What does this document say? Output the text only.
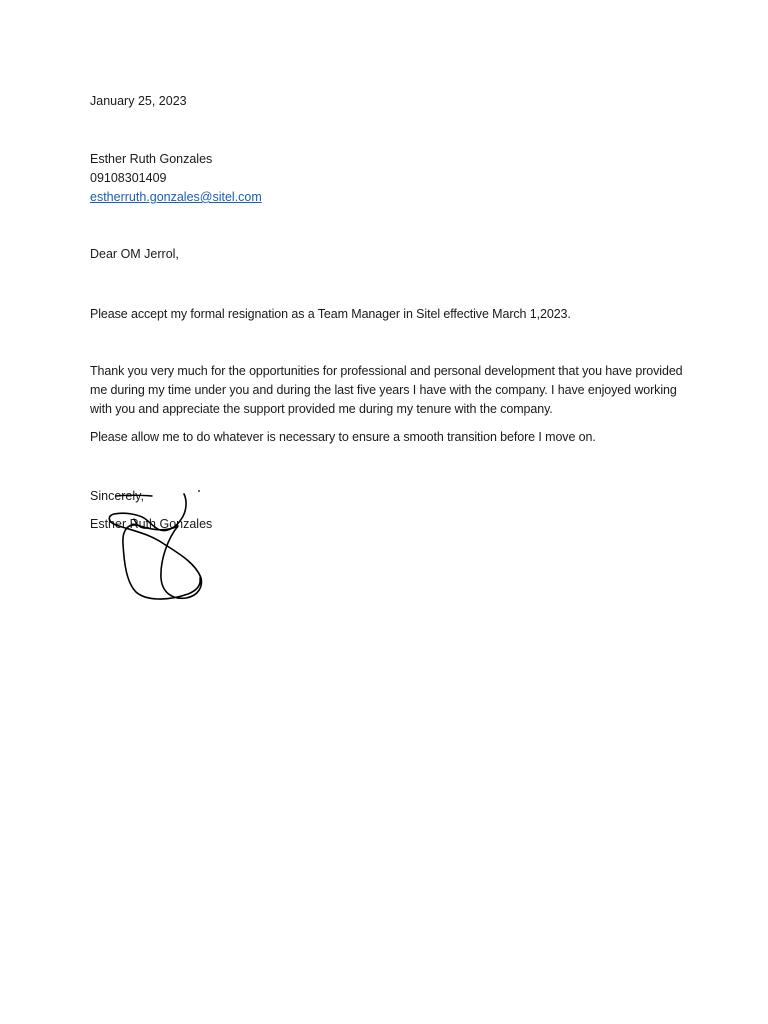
January 25, 2023

Esther Ruth Gonzales

09108301409

estherruth.gonzales@sitel.com

Dear OM Jerrol,

Please accept my formal resignation as a Team Manager in Sitel effective March 1,2023.

Thank you very much for the opportunities for professional and personal development that you have provided me during my time under you and during the last five years I have with the company. I have enjoyed working with you and appreciate the support provided me during my tenure with the company.

Please allow me to do whatever is necessary to ensure a smooth transition before I move on.

Sincerely,

Esther Ruth Gonzales
